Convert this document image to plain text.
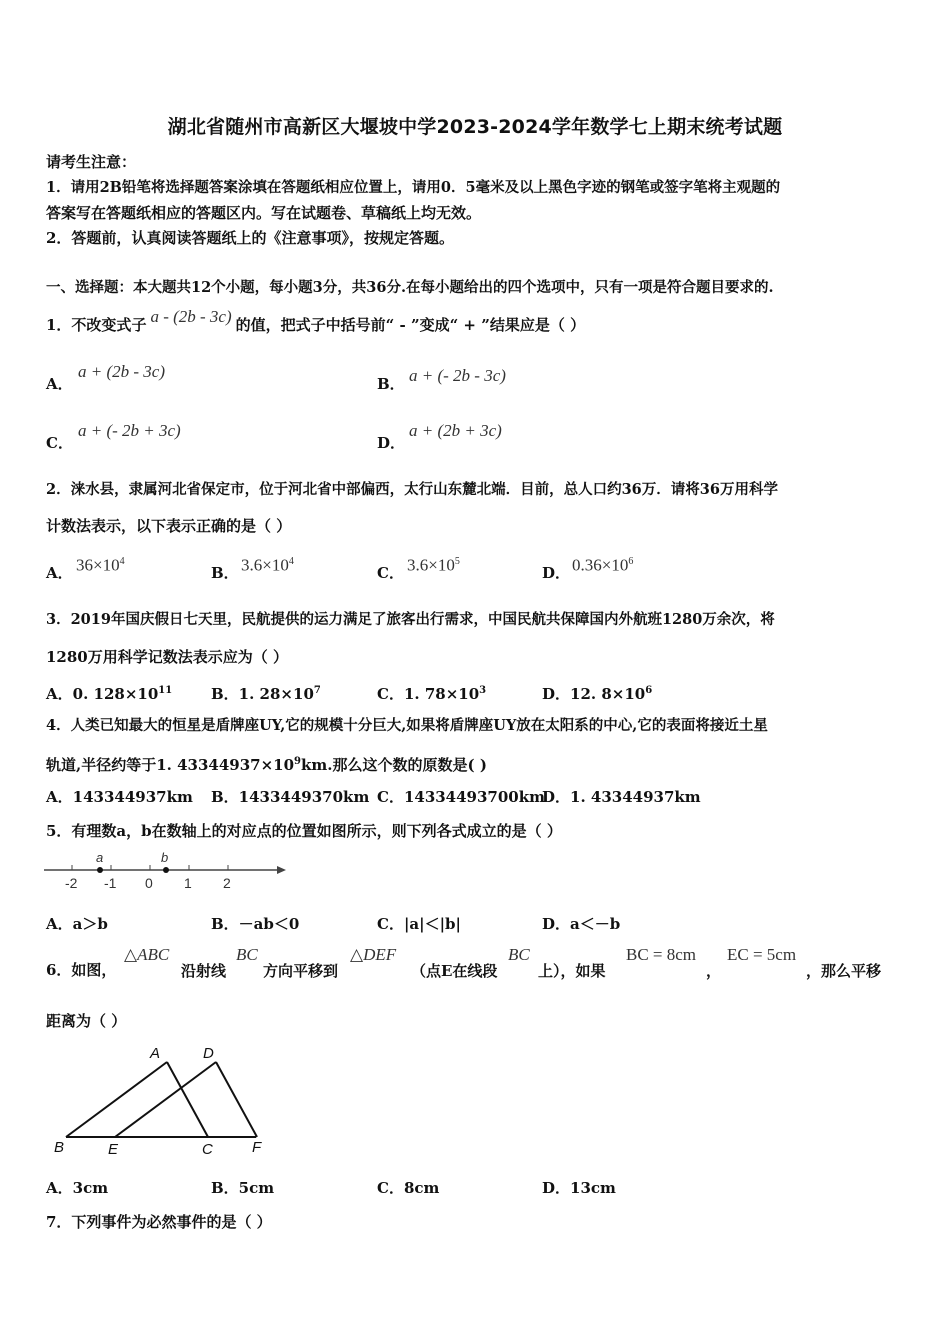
湖北省随州市高新区大堰坡中学2023-2024学年数学七上期末统考试题
请考生注意：
1．请用2B铅笔将选择题答案涂填在答题纸相应位置上，请用0．5毫米及以上黑色字迹的钢笔或签字笔将主观题的
答案写在答题纸相应的答题区内。写在试题卷、草稿纸上均无效。
2．答题前，认真阅读答题纸上的《注意事项》，按规定答题。
一、选择题：本大题共12个小题，每小题3分，共36分.在每小题给出的四个选项中，只有一项是符合题目要求的.
1．不改变式子 a - (2b - 3c) 的值，把式子中括号前“ - ”变成“ + ”结果应是（ ）
A．
a + (2b - 3c)
B． a + (- 2b - 3c)
C．
a + (- 2b + 3c)
D．
a + (2b + 3c)
2．涞水县，隶属河北省保定市，位于河北省中部偏西，太行山东麓北端．目前，总人口约36万．请将36万用科学
计数法表示，以下表示正确的是（ ）
A． $36\times 10^4$
B． $3.6\times 10^4$
C． $3.6\times 10^5$
D． $0.36\times 10^6$
3．2019年国庆假日七天里，民航提供的运力满足了旅客出行需求，中国民航共保障国内外航班1280万余次，将
1280万用科学记数法表示应为（ ）
A．0. $128\times 10^{11}$	B．1. $28\times 10^7$	C．1. $78\times 10^3$	D．12. $8\times 10^6$
4．人类已知最大的恒星是盾牌座UY,它的规模十分巨大,如果将盾牌座UY放在太阳系的中心,它的表面将接近土星
轨道,半径约等于1. $43344937\times 10^9km$.那么这个数的原数是( )
A．143344937km B．1433449370km C．14334493700km
D．1. 43344937km
5．有理数a，b在数轴上的对应点的位置如图所示，则下列各式成立的是（ ）
a	b
-2 -1 0 1 2
A．a＞b	B．－ab＜0	C．|a|＜|b|	D．a＜－b
6．如图，
△ABC
沿射线
BC
方向平移到
△DEF
（点E在线段
BC
上），如果
BC = 8cm
，
EC = 5cm
，那么平移
距离为（ ）
A	D
B	E	C	F
A．3cm	B．5cm	C．8cm	D．13cm
7．下列事件为必然事件的是（ ）
